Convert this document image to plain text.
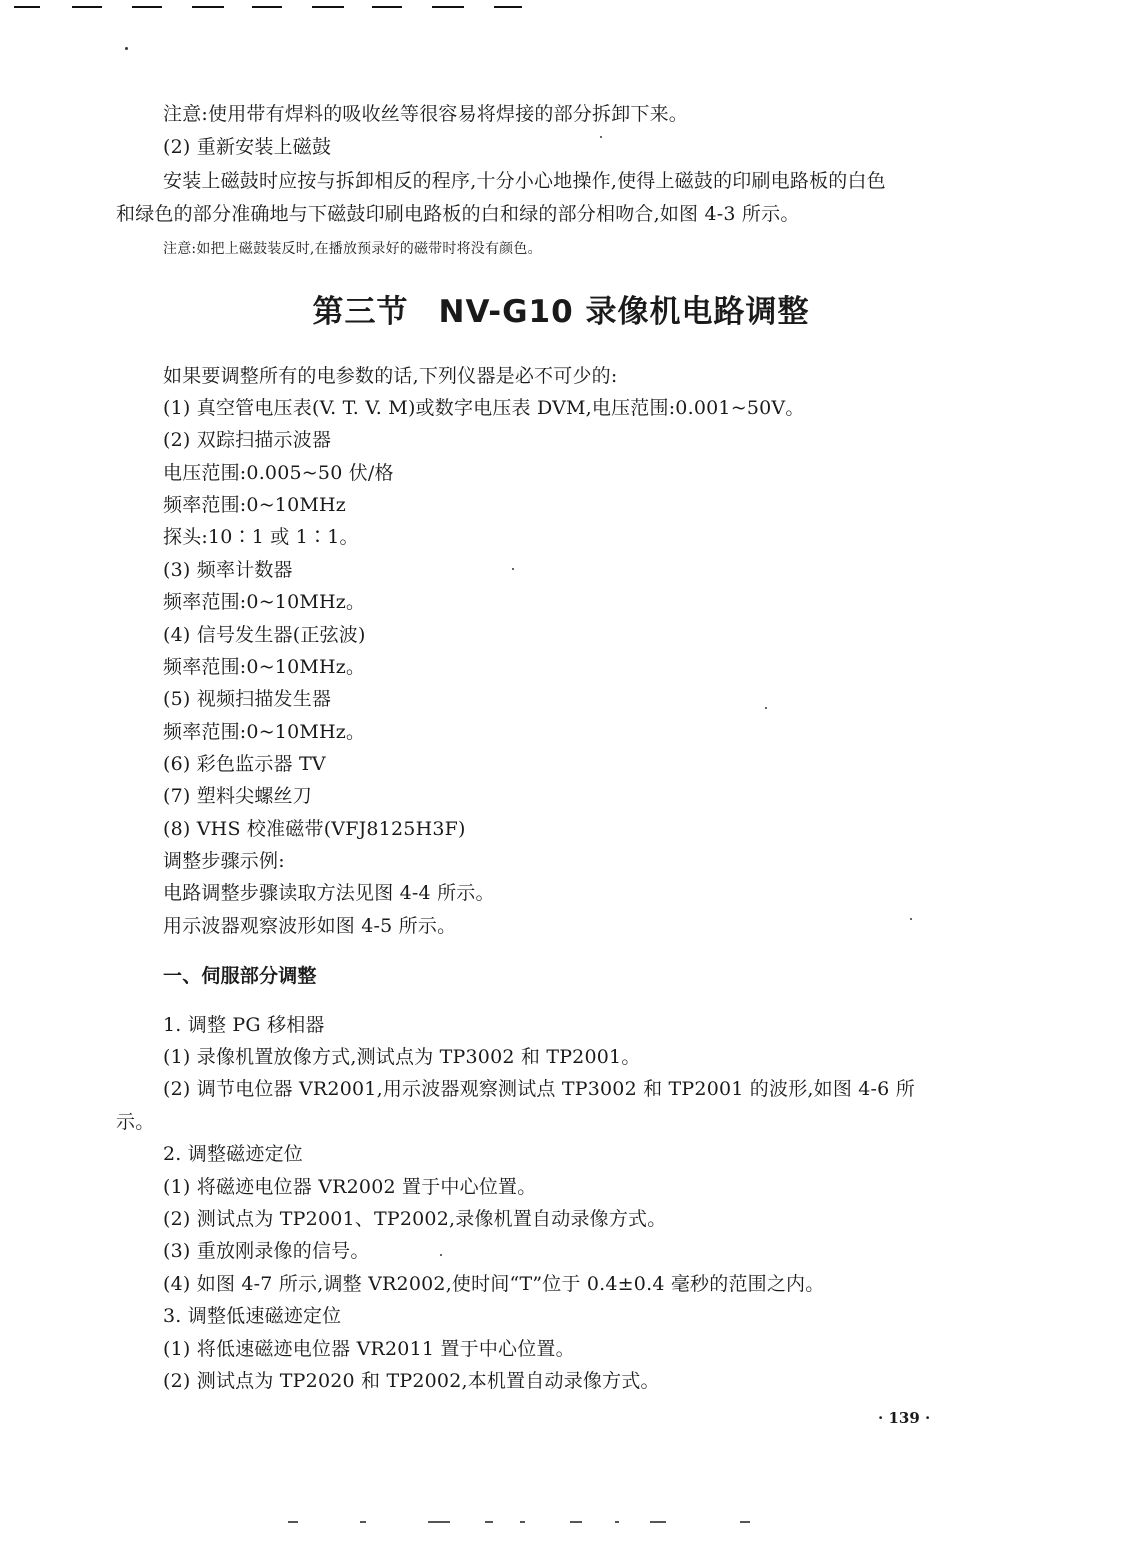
注意:使用带有焊料的吸收丝等很容易将焊接的部分拆卸下来。
(2) 重新安装上磁鼓
安装上磁鼓时应按与拆卸相反的程序,十分小心地操作,使得上磁鼓的印刷电路板的白色
和绿色的部分准确地与下磁鼓印刷电路板的白和绿的部分相吻合,如图 4-3 所示。
注意:如把上磁鼓装反时,在播放预录好的磁带时将没有颜色。
第三节 NV-G10 录像机电路调整
如果要调整所有的电参数的话,下列仪器是必不可少的:
(1) 真空管电压表(V. T. V. M)或数字电压表 DVM,电压范围:0.001~50V。
(2) 双踪扫描示波器
电压范围:0.005~50 伏/格
频率范围:0~10MHz
探头:10∶1 或 1∶1。
(3) 频率计数器
频率范围:0~10MHz。
(4) 信号发生器(正弦波)
频率范围:0~10MHz。
(5) 视频扫描发生器
频率范围:0~10MHz。
(6) 彩色监示器 TV
(7) 塑料尖螺丝刀
(8) VHS 校准磁带(VFJ8125H3F)
调整步骤示例:
电路调整步骤读取方法见图 4-4 所示。
用示波器观察波形如图 4-5 所示。
一、伺服部分调整
1. 调整 PG 移相器
(1) 录像机置放像方式,测试点为 TP3002 和 TP2001。
(2) 调节电位器 VR2001,用示波器观察测试点 TP3002 和 TP2001 的波形,如图 4-6 所
示。
2. 调整磁迹定位
(1) 将磁迹电位器 VR2002 置于中心位置。
(2) 测试点为 TP2001、TP2002,录像机置自动录像方式。
(3) 重放刚录像的信号。
(4) 如图 4-7 所示,调整 VR2002,使时间“T”位于 0.4±0.4 毫秒的范围之内。
3. 调整低速磁迹定位
(1) 将低速磁迹电位器 VR2011 置于中心位置。
(2) 测试点为 TP2020 和 TP2002,本机置自动录像方式。
· 139 ·
